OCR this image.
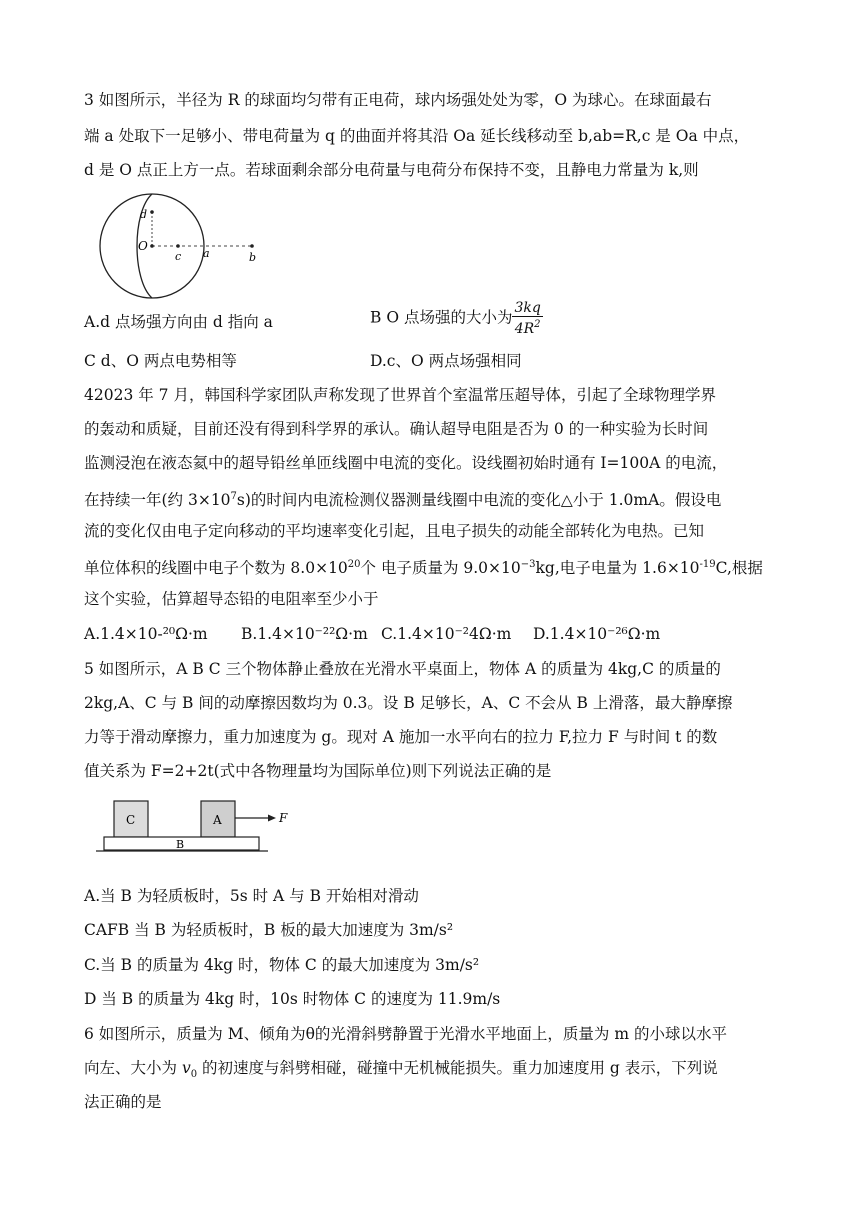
3 如图所示，半径为 R 的球面均匀带有正电荷，球内场强处处为零，O 为球心。在球面最右
端 a 处取下一足够小、带电荷量为 q 的曲面并将其沿 Oa 延长线移动至 b,ab=R,c 是 Oa 中点，
d 是 O 点正上方一点。若球面剩余部分电荷量与电荷分布保持不变，且静电力常量为 k,则
d
O
c a	b
A.d 点场强方向由 d 指向 a	B O 点场强的大小为 $\frac{3kq}{4R^2}$
C d、O 两点电势相等	D.c、O 两点场强相同
42023 年 7 月，韩国科学家团队声称发现了世界首个室温常压超导体，引起了全球物理学界
的轰动和质疑，目前还没有得到科学界的承认。确认超导电阻是否为 0 的一种实验为长时间
监测浸泡在液态氦中的超导铅丝单匝线圈中电流的变化。设线圈初始时通有 I=100A 的电流，
在持续一年(约 $3\times 10^7s$)的时间内电流检测仪器测量线圈中电流的变化△小于 1.0mA。假设电
流的变化仅由电子定向移动的平均速率变化引起，且电子损失的动能全部转化为电热。已知
单位体积的线圈中电子个数为 $8.0\times 10^{20}$个 电子质量为 $9.0\times 10^{-3}kg$,电子电量为 $1.6\times 10^{-19}C$,根据
这个实验，估算超导态铅的电阻率至少小于
A.1.4×10-²⁰Ω·m B.1.4×10⁻²²Ω·m C.1.4×10⁻²4Ω·m D.1.4×10⁻²⁶Ω·m
5 如图所示，A B C 三个物体静止叠放在光滑水平桌面上，物体 A 的质量为 4kg,C 的质量的
2kg,A、C 与 B 间的动摩擦因数均为 0.3。设 B 足够长，A、C 不会从 B 上滑落，最大静摩擦
力等于滑动摩擦力，重力加速度为 g。现对 A 施加一水平向右的拉力 F,拉力 F 与时间 t 的数
值关系为 F=2+2t(式中各物理量均为国际单位)则下列说法正确的是
C	A
B
F
A.当 B 为轻质板时，5s 时 A 与 B 开始相对滑动
CAFB 当 B 为轻质板时，B 板的最大加速度为 3m/s²
C.当 B 的质量为 4kg 时，物体 C 的最大加速度为 3m/s²
D 当 B 的质量为 4kg 时，10s 时物体 C 的速度为 11.9m/s
6 如图所示，质量为 M、倾角为θ的光滑斜劈静置于光滑水平地面上，质量为 m 的小球以水平
向左、大小为 $v_0$ 的初速度与斜劈相碰，碰撞中无机械能损失。重力加速度用 g 表示，下列说
法正确的是
